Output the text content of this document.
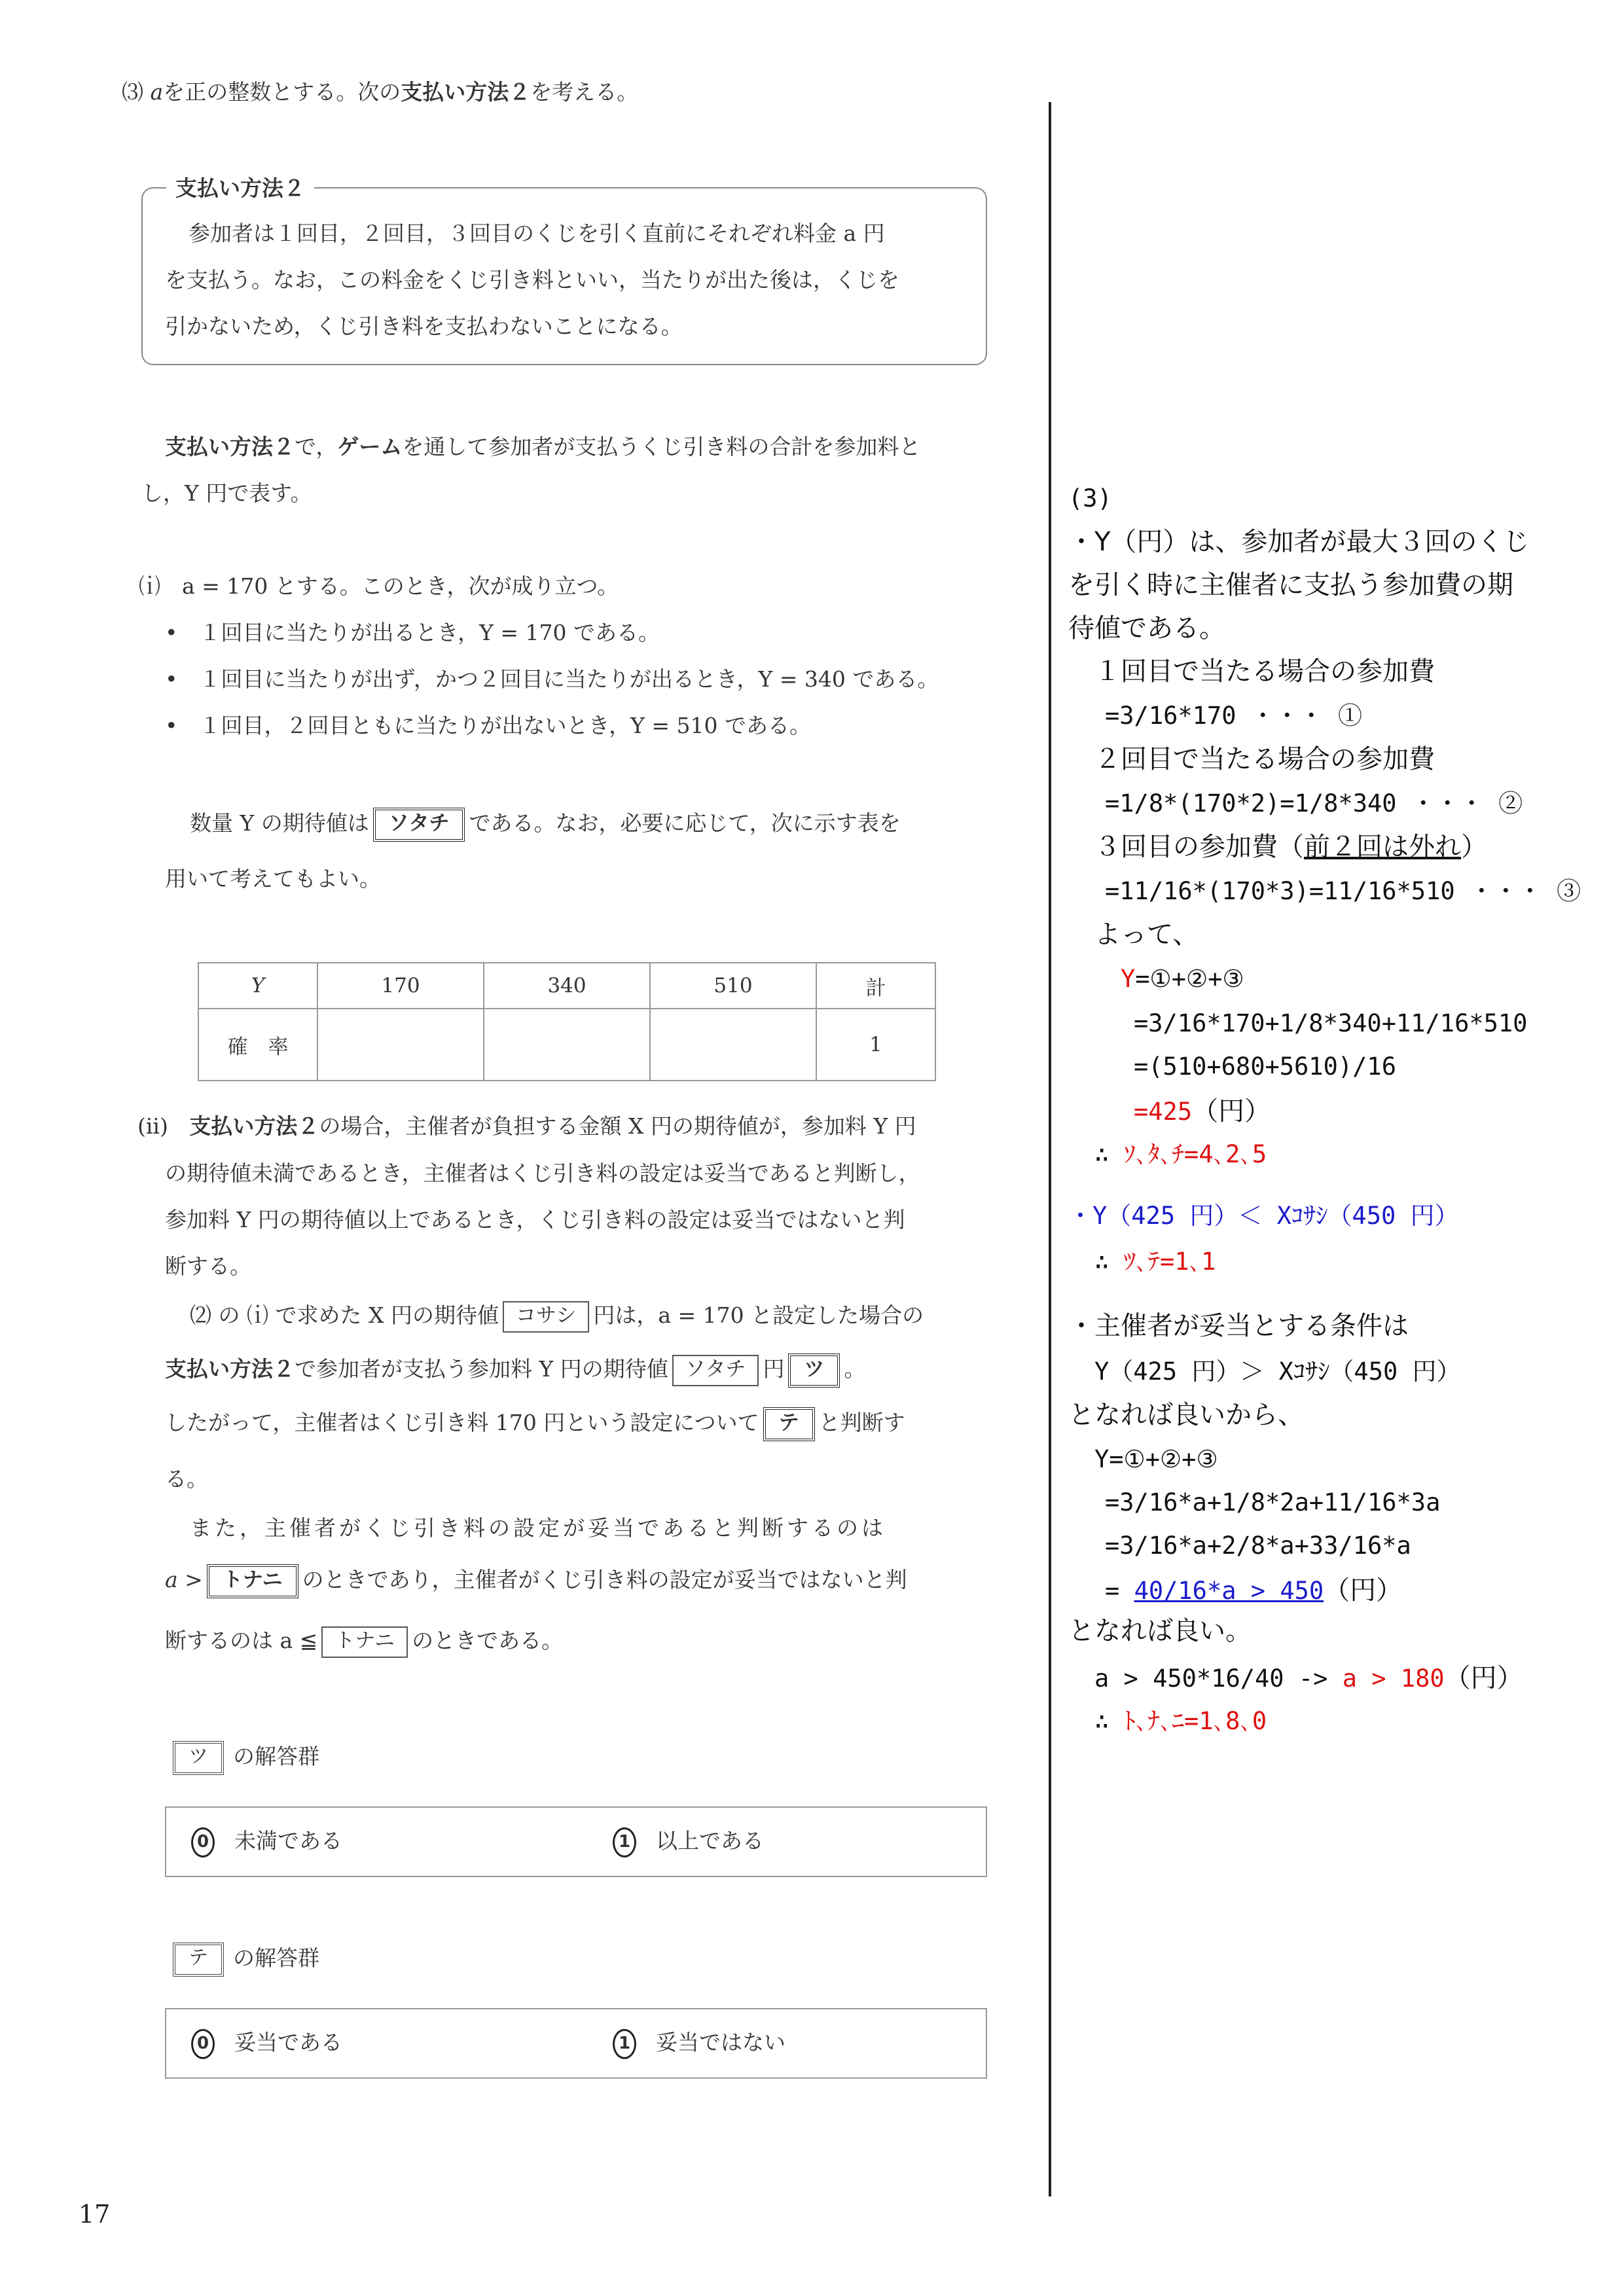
⑶ aを正の整数とする。次の支払い方法２を考える。
支払い方法２
参加者は１回目，２回目，３回目のくじを引く直前にそれぞれ料金 a 円
を支払う。なお，この料金をくじ引き料といい，当たりが出た後は，くじを
引かないため，くじ引き料を支払わないことになる。
支払い方法２で，ゲームを通して参加者が支払うくじ引き料の合計を参加料と
し，Y 円で表す。
⒤　a = 170 とする。このとき，次が成り立つ。
•　１回目に当たりが出るとき，Y = 170 である。
•　１回目に当たりが出ず，かつ２回目に当たりが出るとき，Y = 340 である。
•　１回目，２回目ともに当たりが出ないとき，Y = 510 である。
数量 Y の期待値は ソタチ である。なお，必要に応じて，次に示す表を
用いて考えてもよい。
Y	170	340	510	計
確　率				1
(ii) 支払い方法２の場合，主催者が負担する金額 X 円の期待値が，参加料 Y 円
の期待値未満であるとき，主催者はくじ引き料の設定は妥当であると判断し，
参加料 Y 円の期待値以上であるとき，くじ引き料の設定は妥当ではないと判
断する。
⑵ の ⒤ で求めた X 円の期待値 コサシ 円は，a = 170 と設定した場合の
支払い方法２で参加者が支払う参加料 Y 円の期待値 ソタチ 円 ツ 。
したがって，主催者はくじ引き料 170 円という設定について テ と判断す
る。
また，主催者がくじ引き料の設定が妥当であると判断するのは
a > トナニ のときであり，主催者がくじ引き料の設定が妥当ではないと判
断するのは a ≦ トナニ のときである。
ツ の解答群
0 未満である	1 以上である
テ の解答群
0 妥当である	1 妥当ではない
17
(3)
・Y（円）は、参加者が最大３回のくじ
を引く時に主催者に支払う参加費の期
待値である。
１回目で当たる場合の参加費
=3/16*170 ・・・ ①
２回目で当たる場合の参加費
=1/8*(170*2)=1/8*340 ・・・ ②
３回目の参加費（前２回は外れ）
=11/16*(170*3)=11/16*510 ・・・ ③
よって、
Y=①+②+③
=3/16*170+1/8*340+11/16*510
=(510+680+5610)/16
=425（円）
∴ ｿ､ﾀ､ﾁ=4､2､5
・Y（425 円）＜ Xｺｻｼ（450 円）
∴ ﾂ､ﾃ=1､1
・主催者が妥当とする条件は
Y（425 円）＞ Xｺｻｼ（450 円）
となれば良いから、
Y=①+②+③
=3/16*a+1/8*2a+11/16*3a
=3/16*a+2/8*a+33/16*a
= 40/16*a > 450（円）
となれば良い。
a > 450*16/40 -> a > 180（円）
∴ ﾄ､ﾅ､ﾆ=1､8､0
